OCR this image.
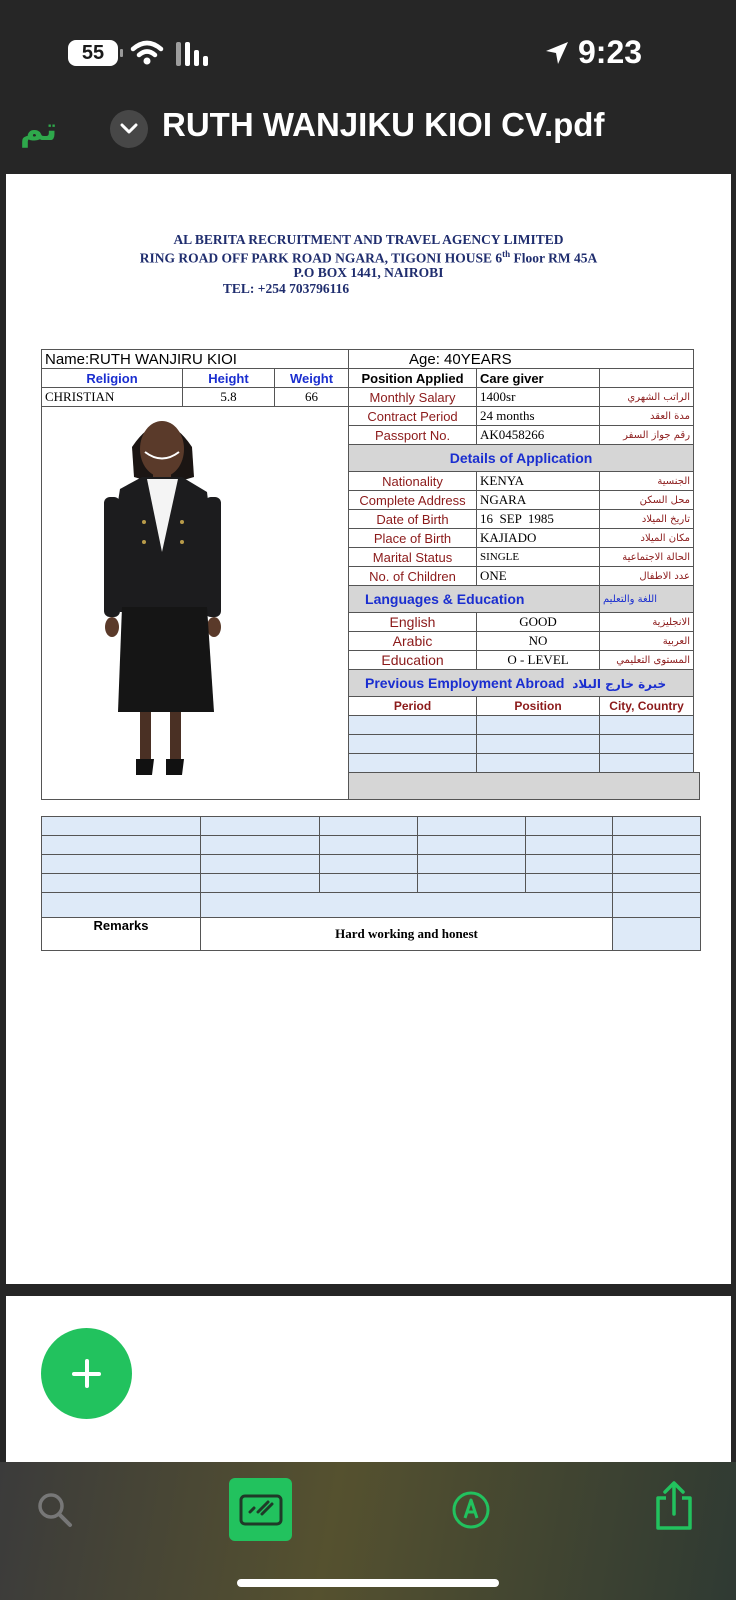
55	9:23
تم	RUTH WANJIKU KIOI CV.pdf
AL BERITA RECRUITMENT AND TRAVEL AGENCY LIMITED
RING ROAD OFF PARK ROAD NGARA, TIGONI HOUSE 6th Floor RM 45A
P.O BOX 1441, NAIROBI
TEL: +254 703796116
Name:RUTH WANJIRU KIOI			Age: 40YEARS		
Religion	Height	Weight	Position Applied	Care giver	
CHRISTIAN	5.8	66	Monthly Salary	1400sr	الراتب الشهري
	Contract Period	24 months	مدة العقد
			Passport No.	AK0458266	رقم جواز السفر
			Details of Application		
			Nationality	KENYA	الجنسية
			Complete Address	NGARA	محل السكن
			Date of Birth	16  SEP  1985	تاريخ الميلاد
			Place of Birth	KAJIADO	مكان الميلاد
			Marital Status	SINGLE	الحالة الاجتماعية
			No. of Children	ONE	عدد الاطفال
			Languages & Education		اللغة والتعليم
			English	GOOD	الانجليزية
			Arabic	NO	العربية
			Education	O - LEVEL	المستوى التعليمي
			Previous Employment Abroad خبرة خارج البلاد		
			Period	Position	City, Country

Remarks	Hard working and honest				
